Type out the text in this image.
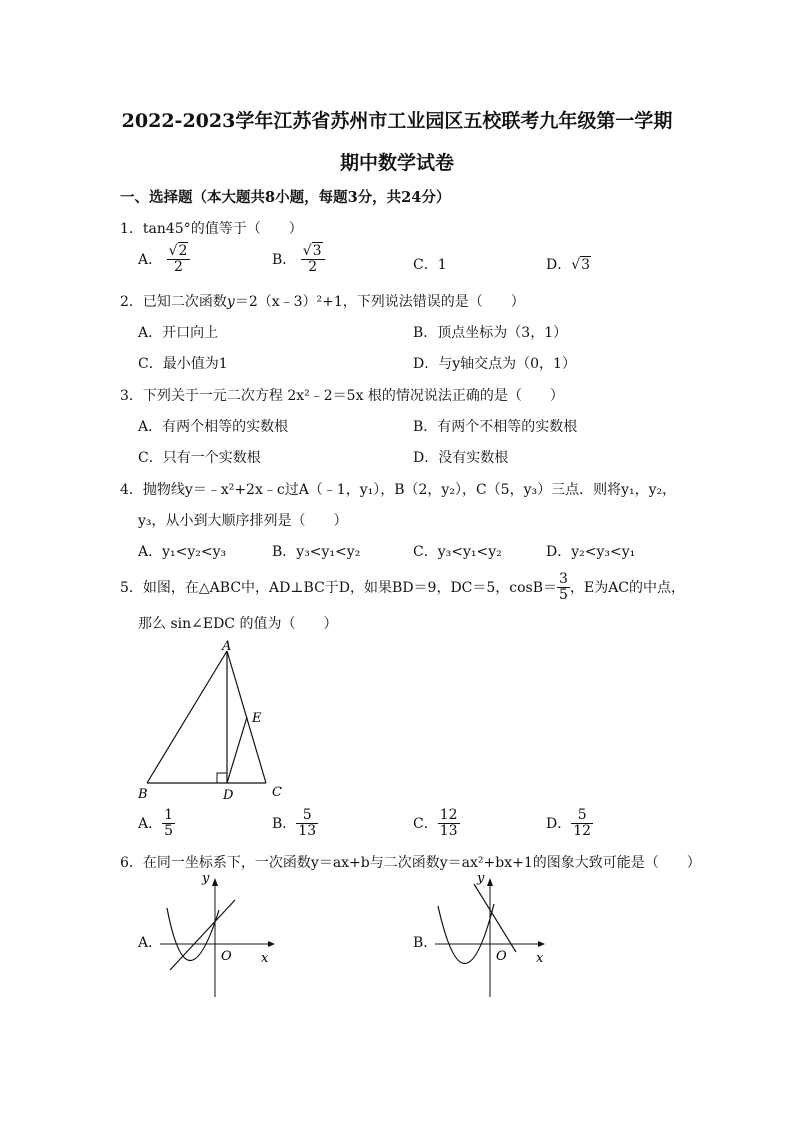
2022-2023学年江苏省苏州市工业园区五校联考九年级第一学期
期中数学试卷
一、选择题（本大题共8小题，每题3分，共24分）
1．tan45°的值等于（　　）
A． $\frac{√2}{2}$	B． $\frac{√3}{2}$	C．1	D．√3
2．已知二次函数y＝2（x﹣3）²+1，下列说法错误的是（　　）
A．开口向上	B．顶点坐标为（3，1）
C．最小值为1	D．与y轴交点为（0，1）
3．下列关于一元二次方程 2x²﹣2＝5x 根的情况说法正确的是（　　）
A．有两个相等的实数根	B．有两个不相等的实数根
C．只有一个实数根	D．没有实数根
4．抛物线y＝﹣x²+2x﹣c过A（﹣1，y₁），B（2，y₂），C（5，y₃）三点．则将y₁，y₂，
y₃，从小到大顺序排列是（　　）
A．y₁<y₂<y₃	B．y₃<y₁<y₂	C．y₃<y₁<y₂	D．y₂<y₃<y₁
5．如图，在△ABC中，AD⊥BC于D，如果BD＝9，DC＝5，$\cos B= \frac{3}{5}$ ，E为AC的中点，
那么 sin∠EDC 的值为（　　）
A
B	C
D
E
A． $\frac{1}{5}$	B． $\frac{5}{13}$	C． $\frac{12}{13}$	D． $\frac{5}{12}$
6．在同一坐标系下，一次函数y＝ax+b与二次函数y＝ax²+bx+1的图象大致可能是（　　）
A．
y
x
O
B．
y
x
O
